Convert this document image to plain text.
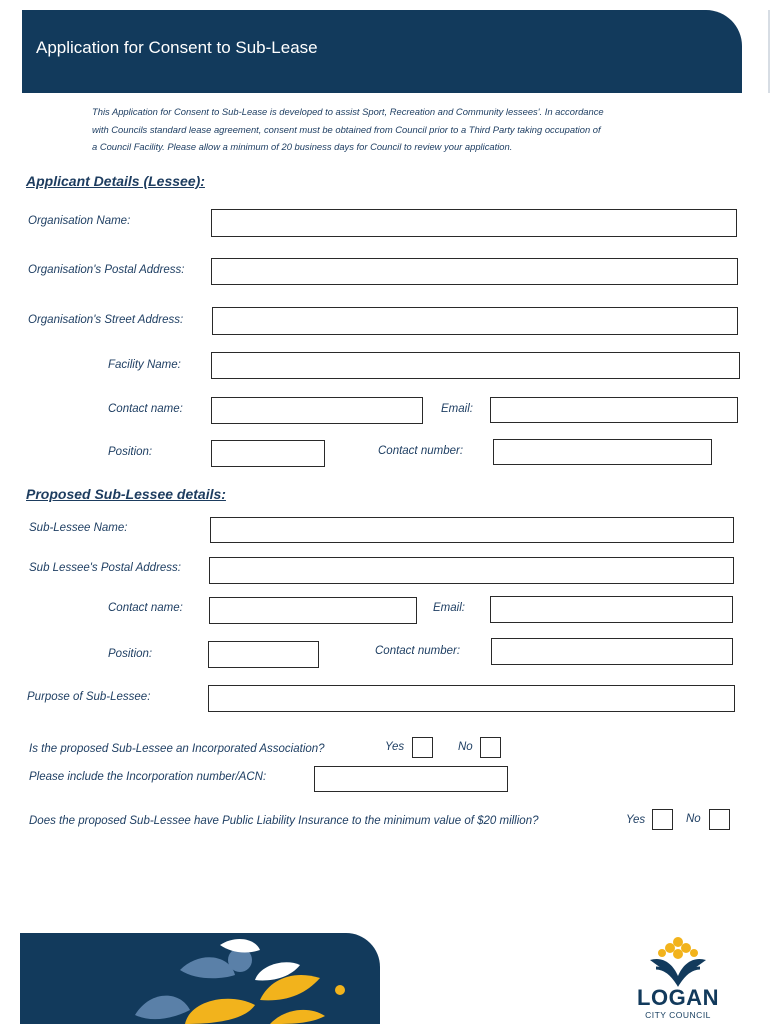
Application for Consent to Sub-Lease
This Application for Consent to Sub-Lease is developed to assist Sport, Recreation and Community lessees'. In accordance
with Councils standard lease agreement, consent must be obtained from Council prior to a Third Party taking occupation of
a Council Facility. Please allow a minimum of 20 business days for Council to review your application.
Applicant Details (Lessee):
Organisation Name:
Organisation's Postal Address:
Organisation's Street Address:
Facility Name:
Contact name:	Email:
Position:	Contact number:
Proposed Sub-Lessee details:
Sub-Lessee Name:
Sub Lessee's Postal Address:
Contact name:	Email:
Position:	Contact number:
Purpose of Sub-Lessee:
Is the proposed Sub-Lessee an Incorporated Association?	Yes	No
Please include the Incorporation number/ACN:
Does the proposed Sub-Lessee have Public Liability Insurance to the minimum value of $20 million?	Yes	No
LOGAN
CITY COUNCIL
